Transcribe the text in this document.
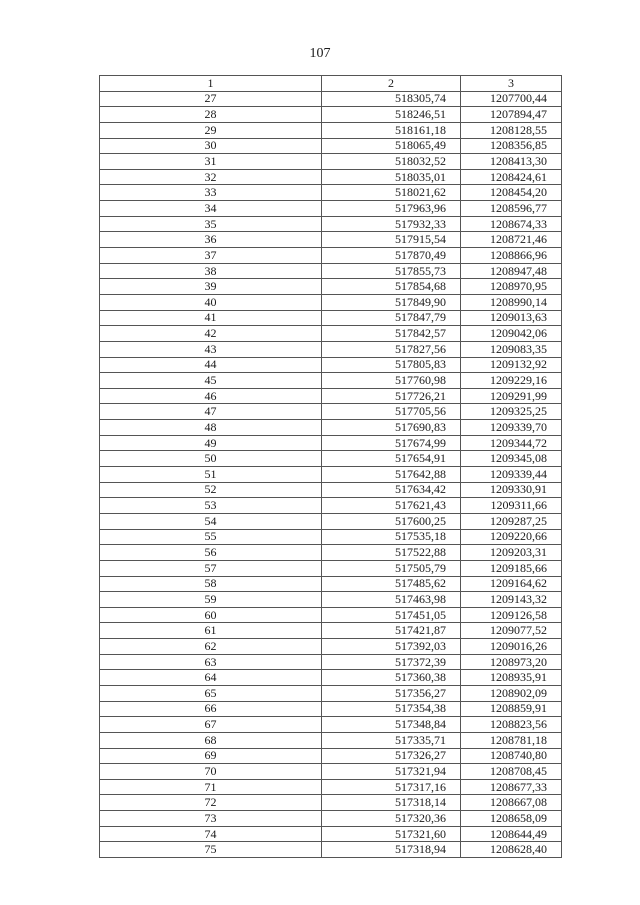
107
1	2	3
27	518305,74	1207700,44
28	518246,51	1207894,47
29	518161,18	1208128,55
30	518065,49	1208356,85
31	518032,52	1208413,30
32	518035,01	1208424,61
33	518021,62	1208454,20
34	517963,96	1208596,77
35	517932,33	1208674,33
36	517915,54	1208721,46
37	517870,49	1208866,96
38	517855,73	1208947,48
39	517854,68	1208970,95
40	517849,90	1208990,14
41	517847,79	1209013,63
42	517842,57	1209042,06
43	517827,56	1209083,35
44	517805,83	1209132,92
45	517760,98	1209229,16
46	517726,21	1209291,99
47	517705,56	1209325,25
48	517690,83	1209339,70
49	517674,99	1209344,72
50	517654,91	1209345,08
51	517642,88	1209339,44
52	517634,42	1209330,91
53	517621,43	1209311,66
54	517600,25	1209287,25
55	517535,18	1209220,66
56	517522,88	1209203,31
57	517505,79	1209185,66
58	517485,62	1209164,62
59	517463,98	1209143,32
60	517451,05	1209126,58
61	517421,87	1209077,52
62	517392,03	1209016,26
63	517372,39	1208973,20
64	517360,38	1208935,91
65	517356,27	1208902,09
66	517354,38	1208859,91
67	517348,84	1208823,56
68	517335,71	1208781,18
69	517326,27	1208740,80
70	517321,94	1208708,45
71	517317,16	1208677,33
72	517318,14	1208667,08
73	517320,36	1208658,09
74	517321,60	1208644,49
75	517318,94	1208628,40
